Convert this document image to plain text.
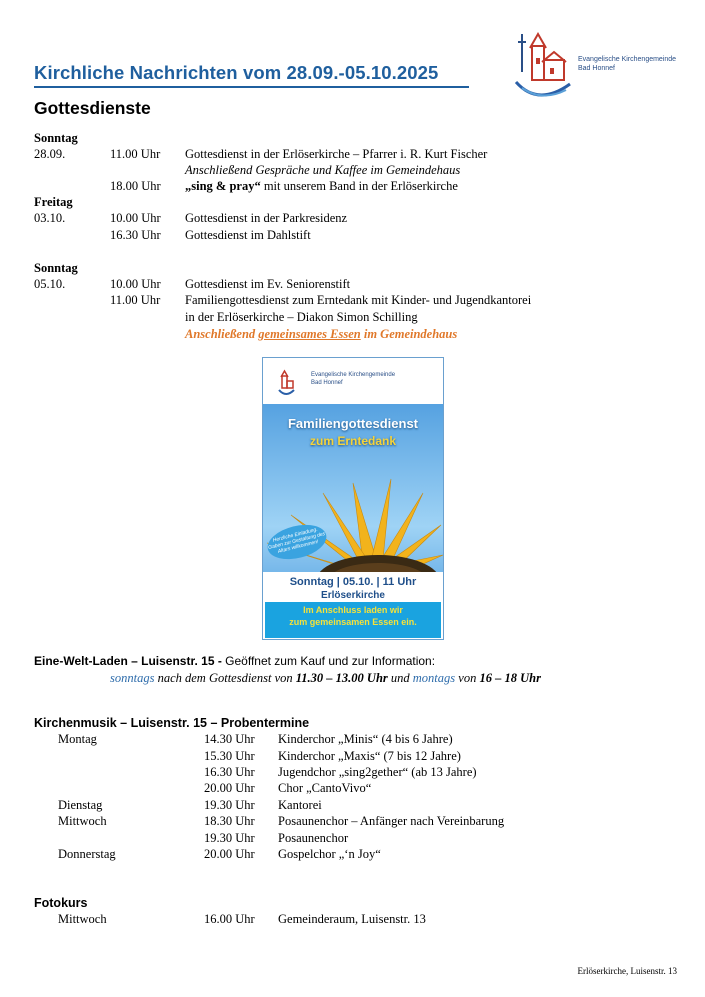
Kirchliche Nachrichten vom 28.09.-05.10.2025
Evangelische Kirchengemeinde
Bad Honnef
Gottesdienste
Sonntag
28.09.	11.00 Uhr Gottesdienst in der Erlöserkirche – Pfarrer i. R. Kurt Fischer
Anschließend Gespräche und Kaffee im Gemeindehaus
18.00 Uhr „sing & pray“ mit unserem Band in der Erlöserkirche
Freitag
03.10.	10.00 Uhr Gottesdienst in der Parkresidenz
16.30 Uhr Gottesdienst im Dahlstift
Sonntag
05.10.	10.00 Uhr Gottesdienst im Ev. Seniorenstift
11.00 Uhr Familiengottesdienst zum Erntedank mit Kinder- und Jugendkantorei
in der Erlöserkirche – Diakon Simon Schilling
Anschließend gemeinsames Essen im Gemeindehaus
Evangelische Kirchengemeinde
Bad Honnef
Familiengottesdienst
zum Erntedank
Herzliche Einladung. Gaben zur Gestaltung des Altars willkommen!
Sonntag | 05.10. | 11 Uhr
Erlöserkirche
Im Anschluss laden wir
zum gemeinsamen Essen ein.
Eine-Welt-Laden – Luisenstr. 15 - Geöffnet zum Kauf und zur Information:
sonntags nach dem Gottesdienst von 11.30 – 13.00 Uhr und montags von 16 – 18 Uhr
Kirchenmusik – Luisenstr. 15 – Probentermine
Montag	14.30 Uhr Kinderchor „Minis“ (4 bis 6 Jahre)
15.30 Uhr Kinderchor „Maxis“ (7 bis 12 Jahre)
16.30 Uhr Jugendchor „sing2gether“ (ab 13 Jahre)
20.00 Uhr Chor „CantoVivo“
Dienstag	19.30 Uhr Kantorei
Mittwoch	18.30 Uhr Posaunenchor – Anfänger nach Vereinbarung
19.30 Uhr Posaunenchor
Donnerstag	20.00 Uhr Gospelchor „‘n Joy“
Fotokurs
Mittwoch	16.00 Uhr Gemeinderaum, Luisenstr. 13
Erlöserkirche, Luisenstr. 13
